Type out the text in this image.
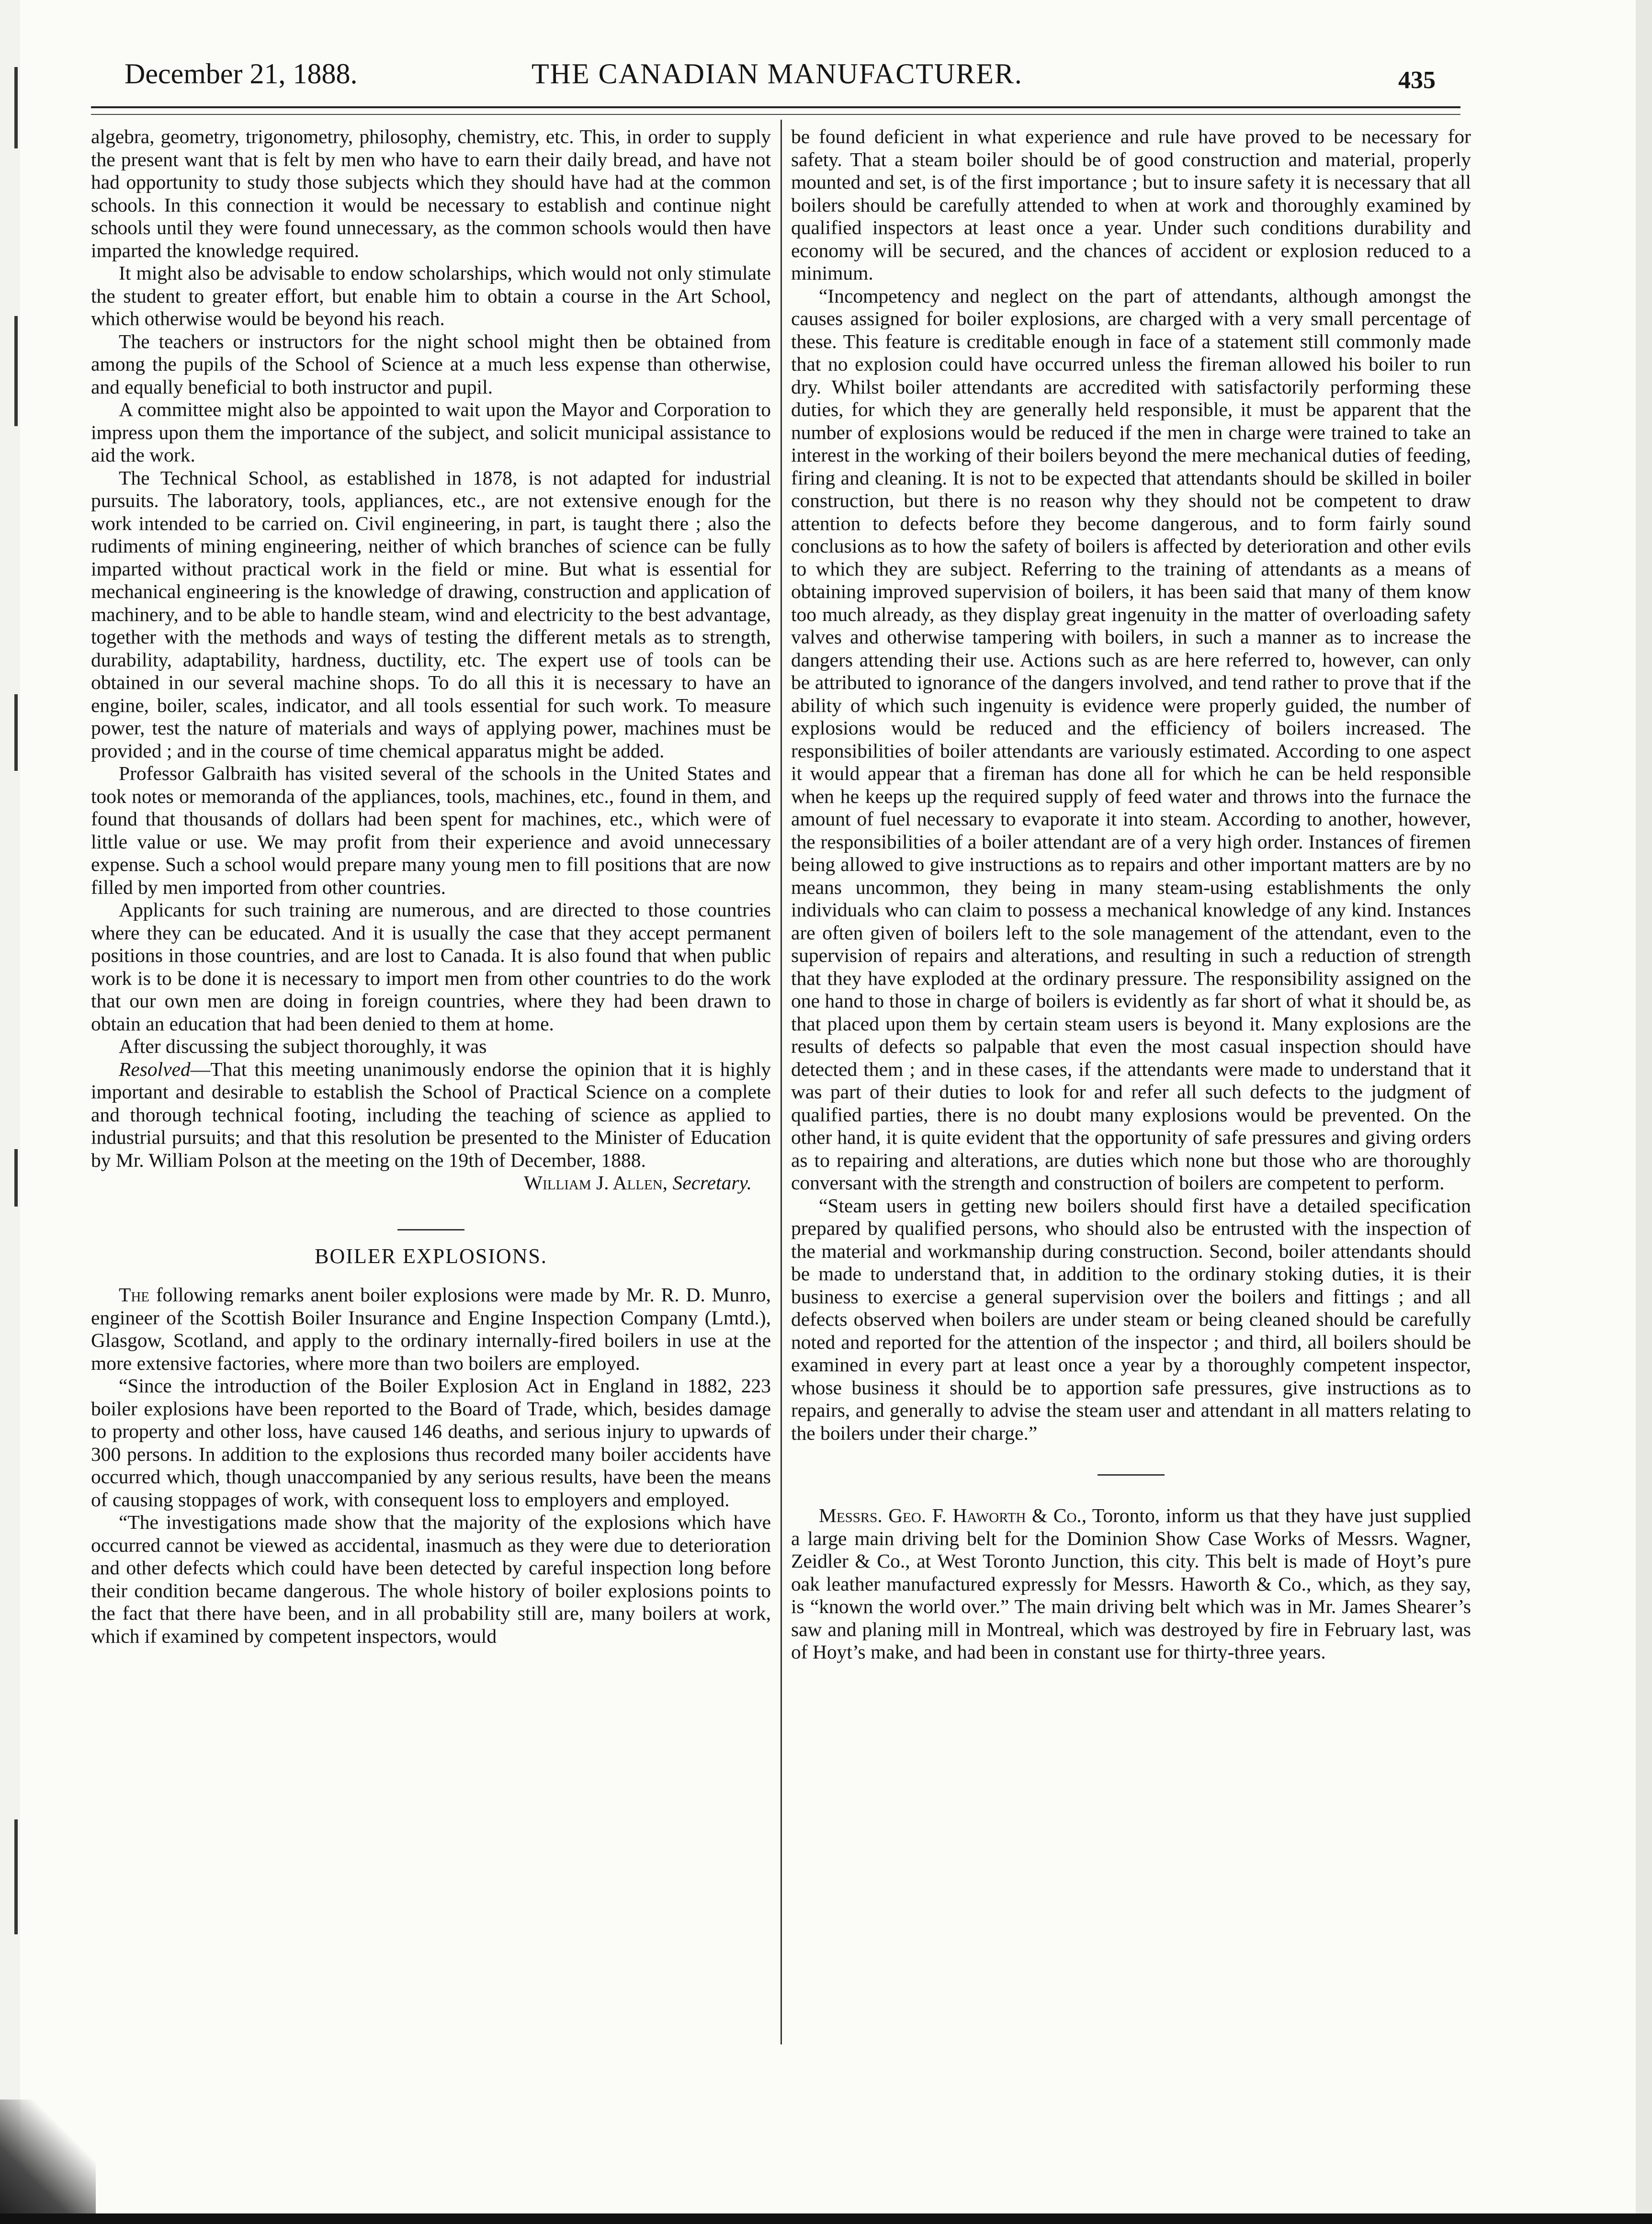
December 21, 1888.	THE CANADIAN MANUFACTURER.	435

algebra, geometry, trigonometry, philosophy, chemistry, etc. This, in order to supply the present want that is felt by men who have to earn their daily bread, and have not had opportunity to study those subjects which they should have had at the common schools. In this connection it would be necessary to establish and continue night schools until they were found unnecessary, as the common schools would then have imparted the knowledge required.

It might also be advisable to endow scholarships, which would not only stimulate the student to greater effort, but enable him to obtain a course in the Art School, which otherwise would be beyond his reach.

The teachers or instructors for the night school might then be obtained from among the pupils of the School of Science at a much less expense than otherwise, and equally beneficial to both instructor and pupil.

A committee might also be appointed to wait upon the Mayor and Corporation to impress upon them the importance of the subject, and solicit municipal assistance to aid the work.

The Technical School, as established in 1878, is not adapted for industrial pursuits. The laboratory, tools, appliances, etc., are not extensive enough for the work intended to be carried on. Civil engineering, in part, is taught there ; also the rudiments of mining engineering, neither of which branches of science can be fully imparted without practical work in the field or mine. But what is essential for mechanical engineering is the knowledge of drawing, construction and application of machinery, and to be able to handle steam, wind and electricity to the best advantage, together with the methods and ways of testing the different metals as to strength, durability, adaptability, hardness, ductility, etc. The expert use of tools can be obtained in our several machine shops. To do all this it is necessary to have an engine, boiler, scales, indicator, and all tools essential for such work. To measure power, test the nature of materials and ways of applying power, machines must be provided ; and in the course of time chemical apparatus might be added.

Professor Galbraith has visited several of the schools in the United States and took notes or memoranda of the appliances, tools, machines, etc., found in them, and found that thousands of dollars had been spent for machines, etc., which were of little value or use. We may profit from their experience and avoid unnecessary expense. Such a school would prepare many young men to fill positions that are now filled by men imported from other countries.

Applicants for such training are numerous, and are directed to those countries where they can be educated. And it is usually the case that they accept permanent positions in those countries, and are lost to Canada. It is also found that when public work is to be done it is necessary to import men from other countries to do the work that our own men are doing in foreign countries, where they had been drawn to obtain an education that had been denied to them at home.

After discussing the subject thoroughly, it was

Resolved—That this meeting unanimously endorse the opinion that it is highly important and desirable to establish the School of Practical Science on a complete and thorough technical footing, including the teaching of science as applied to industrial pursuits; and that this resolution be presented to the Minister of Education by Mr. William Polson at the meeting on the 19th of December, 1888.

William J. Allen, Secretary.

BOILER EXPLOSIONS.

The following remarks anent boiler explosions were made by Mr. R. D. Munro, engineer of the Scottish Boiler Insurance and Engine Inspection Company (Lmtd.), Glasgow, Scotland, and apply to the ordinary internally-fired boilers in use at the more extensive factories, where more than two boilers are employed.

“Since the introduction of the Boiler Explosion Act in England in 1882, 223 boiler explosions have been reported to the Board of Trade, which, besides damage to property and other loss, have caused 146 deaths, and serious injury to upwards of 300 persons. In addition to the explosions thus recorded many boiler accidents have occurred which, though unaccompanied by any serious results, have been the means of causing stoppages of work, with consequent loss to employers and employed.

“The investigations made show that the majority of the explosions which have occurred cannot be viewed as accidental, inasmuch as they were due to deterioration and other defects which could have been detected by careful inspection long before their condition became dangerous. The whole history of boiler explosions points to the fact that there have been, and in all probability still are, many boilers at work, which if examined by competent inspectors, would

be found deficient in what experience and rule have proved to be necessary for safety. That a steam boiler should be of good construction and material, properly mounted and set, is of the first importance ; but to insure safety it is necessary that all boilers should be carefully attended to when at work and thoroughly examined by qualified inspectors at least once a year. Under such conditions durability and economy will be secured, and the chances of accident or explosion reduced to a minimum.

“Incompetency and neglect on the part of attendants, although amongst the causes assigned for boiler explosions, are charged with a very small percentage of these. This feature is creditable enough in face of a statement still commonly made that no explosion could have occurred unless the fireman allowed his boiler to run dry. Whilst boiler attendants are accredited with satisfactorily performing these duties, for which they are generally held responsible, it must be apparent that the number of explosions would be reduced if the men in charge were trained to take an interest in the working of their boilers beyond the mere mechanical duties of feeding, firing and cleaning. It is not to be expected that attendants should be skilled in boiler construction, but there is no reason why they should not be competent to draw attention to defects before they become dangerous, and to form fairly sound conclusions as to how the safety of boilers is affected by deterioration and other evils to which they are subject. Referring to the training of attendants as a means of obtaining improved supervision of boilers, it has been said that many of them know too much already, as they display great ingenuity in the matter of overloading safety valves and otherwise tampering with boilers, in such a manner as to increase the dangers attending their use. Actions such as are here referred to, however, can only be attributed to ignorance of the dangers involved, and tend rather to prove that if the ability of which such ingenuity is evidence were properly guided, the number of explosions would be reduced and the efficiency of boilers increased. The responsibilities of boiler attendants are variously estimated. According to one aspect it would appear that a fireman has done all for which he can be held responsible when he keeps up the required supply of feed water and throws into the furnace the amount of fuel necessary to evaporate it into steam. According to another, however, the responsibilities of a boiler attendant are of a very high order. Instances of firemen being allowed to give instructions as to repairs and other important matters are by no means uncommon, they being in many steam-using establishments the only individuals who can claim to possess a mechanical knowledge of any kind. Instances are often given of boilers left to the sole management of the attendant, even to the supervision of repairs and alterations, and resulting in such a reduction of strength that they have exploded at the ordinary pressure. The responsibility assigned on the one hand to those in charge of boilers is evidently as far short of what it should be, as that placed upon them by certain steam users is beyond it. Many explosions are the results of defects so palpable that even the most casual inspection should have detected them ; and in these cases, if the attendants were made to understand that it was part of their duties to look for and refer all such defects to the judgment of qualified parties, there is no doubt many explosions would be prevented. On the other hand, it is quite evident that the opportunity of safe pressures and giving orders as to repairing and alterations, are duties which none but those who are thoroughly conversant with the strength and construction of boilers are competent to perform.

“Steam users in getting new boilers should first have a detailed specification prepared by qualified persons, who should also be entrusted with the inspection of the material and workmanship during construction. Second, boiler attendants should be made to understand that, in addition to the ordinary stoking duties, it is their business to exercise a general supervision over the boilers and fittings ; and all defects observed when boilers are under steam or being cleaned should be carefully noted and reported for the attention of the inspector ; and third, all boilers should be examined in every part at least once a year by a thoroughly competent inspector, whose business it should be to apportion safe pressures, give instructions as to repairs, and generally to advise the steam user and attendant in all matters relating to the boilers under their charge.”

Messrs. Geo. F. Haworth & Co., Toronto, inform us that they have just supplied a large main driving belt for the Dominion Show Case Works of Messrs. Wagner, Zeidler & Co., at West Toronto Junction, this city. This belt is made of Hoyt’s pure oak leather manufactured expressly for Messrs. Haworth & Co., which, as they say, is “known the world over.” The main driving belt which was in Mr. James Shearer’s saw and planing mill in Montreal, which was destroyed by fire in February last, was of Hoyt’s make, and had been in constant use for thirty-three years.
